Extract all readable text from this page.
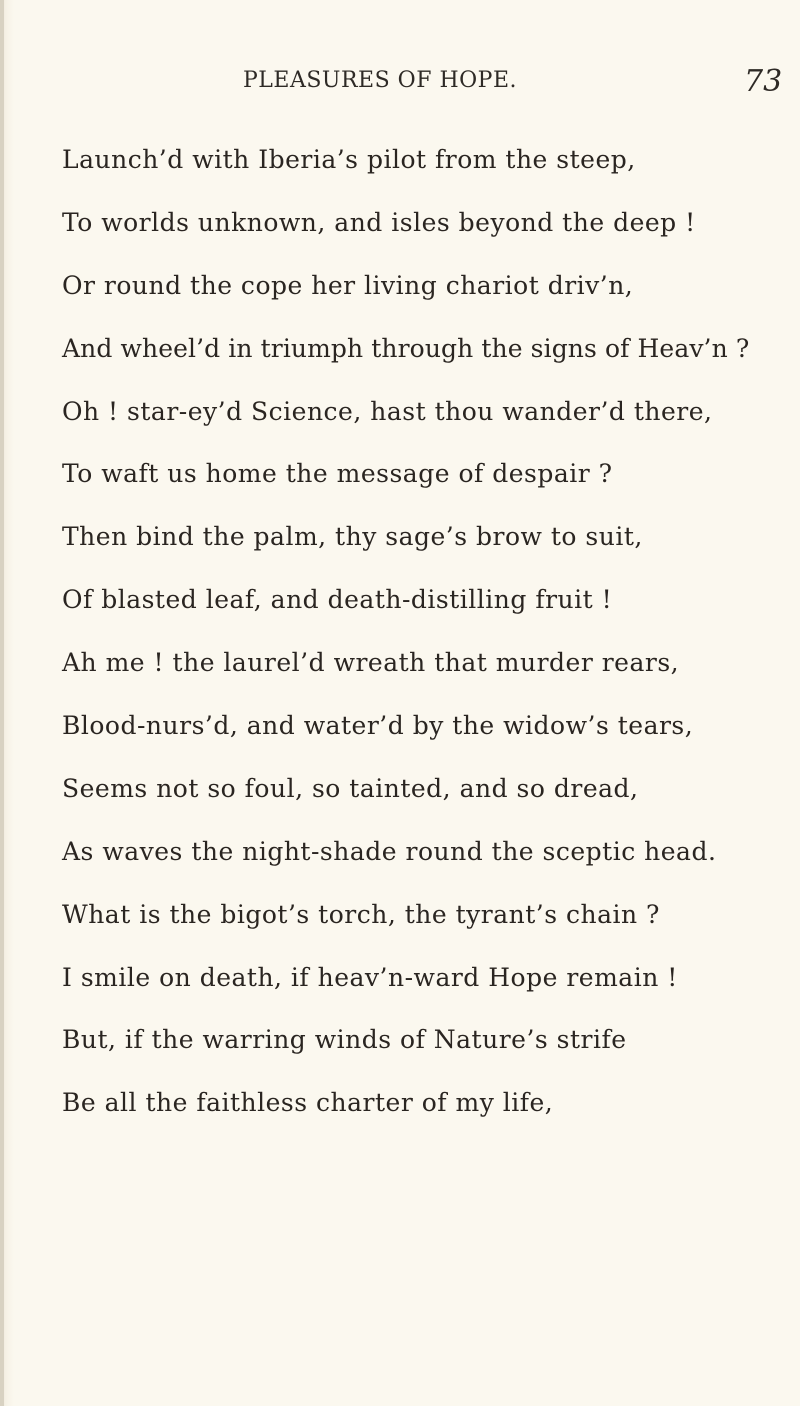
PLEASURES OF HOPE.	73
Launch’d with Iberia’s pilot from the steep,
To worlds unknown, and isles beyond the deep !
Or round the cope her living chariot driv’n,
And wheel’d in triumph through the signs of Heav’n ?
Oh ! star-ey’d Science, hast thou wander’d there,
To waft us home the message of despair ?
Then bind the palm, thy sage’s brow to suit,
Of blasted leaf, and death-distilling fruit !
Ah me ! the laurel’d wreath that murder rears,
Blood-nurs’d, and water’d by the widow’s tears,
Seems not so foul, so tainted, and so dread,
As waves the night-shade round the sceptic head.
What is the bigot’s torch, the tyrant’s chain ?
I smile on death, if heav’n-ward Hope remain !
But, if the warring winds of Nature’s strife
Be all the faithless charter of my life,
